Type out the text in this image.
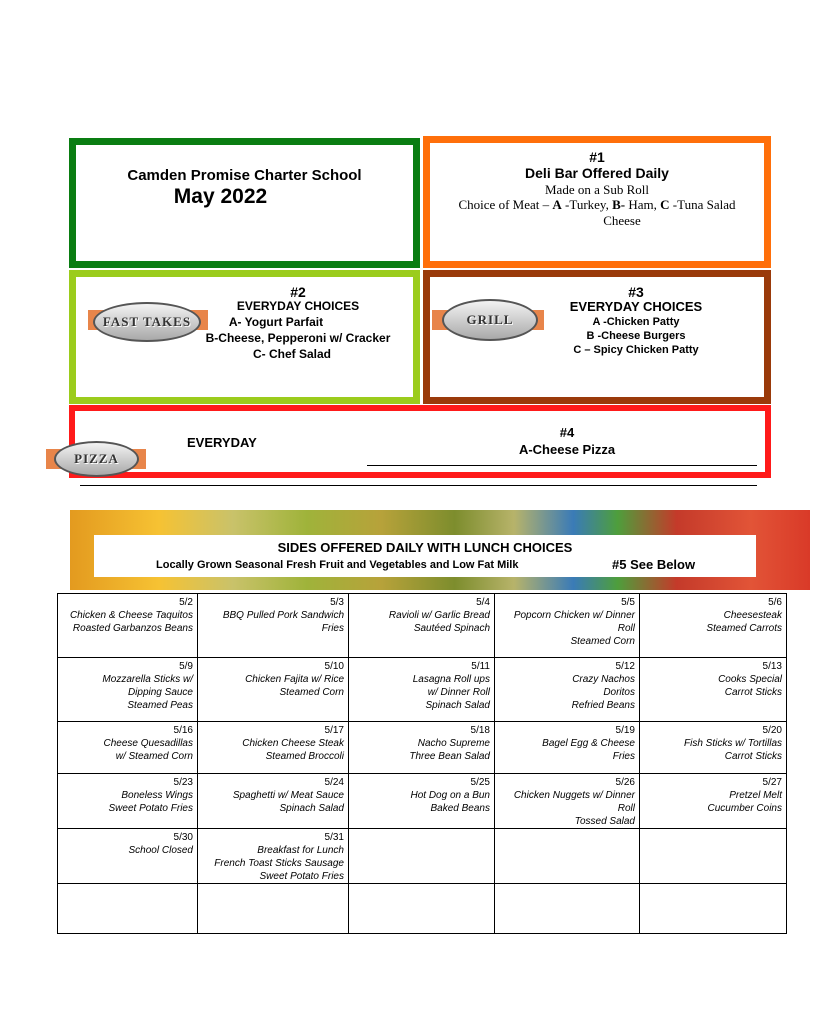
Camden Promise Charter School
May 2022
#1
Deli Bar Offered Daily
Made on a Sub Roll
Choice of Meat – A -Turkey, B- Ham, C -Tuna Salad
Cheese
FAST TAKES
#2
EVERYDAY CHOICES
A- Yogurt Parfait
B-Cheese, Pepperoni w/ Cracker
C- Chef Salad
GRILL
#3
EVERYDAY CHOICES
A -Chicken Patty
B -Cheese Burgers
C – Spicy Chicken Patty
EVERYDAY
#4
A-Cheese Pizza
PIZZA
SIDES OFFERED DAILY WITH LUNCH CHOICES
Locally Grown Seasonal Fresh Fruit and Vegetables and Low Fat Milk	#5 See Below
5/2
Chicken & Cheese Taquitos
Roasted Garbanzos Beans	5/3
BBQ Pulled Pork Sandwich
Fries	5/4
Ravioli w/ Garlic Bread
Sautéed Spinach	5/5
Popcorn Chicken w/ Dinner
Roll
Steamed Corn	5/6
Cheesesteak
Steamed Carrots

5/9
Mozzarella Sticks w/
Dipping Sauce
Steamed Peas	5/10
Chicken Fajita w/ Rice
Steamed Corn	5/11
Lasagna Roll ups
w/ Dinner Roll
Spinach Salad	5/12
Crazy Nachos
Doritos
Refried Beans	5/13
Cooks Special
Carrot Sticks

5/16
Cheese Quesadillas
w/ Steamed Corn	5/17
Chicken Cheese Steak
Steamed Broccoli	5/18
Nacho Supreme
Three Bean Salad	5/19
Bagel Egg & Cheese
Fries	5/20
Fish Sticks w/ Tortillas
Carrot Sticks

5/23
Boneless Wings
Sweet Potato Fries	5/24
Spaghetti w/ Meat Sauce
Spinach Salad	5/25
Hot Dog on a Bun
Baked Beans	5/26
Chicken Nuggets w/ Dinner
Roll
Tossed Salad	5/27
Pretzel Melt
Cucumber Coins

5/30
School Closed	5/31
Breakfast for Lunch
French Toast Sticks Sausage
Sweet Potato Fries			
